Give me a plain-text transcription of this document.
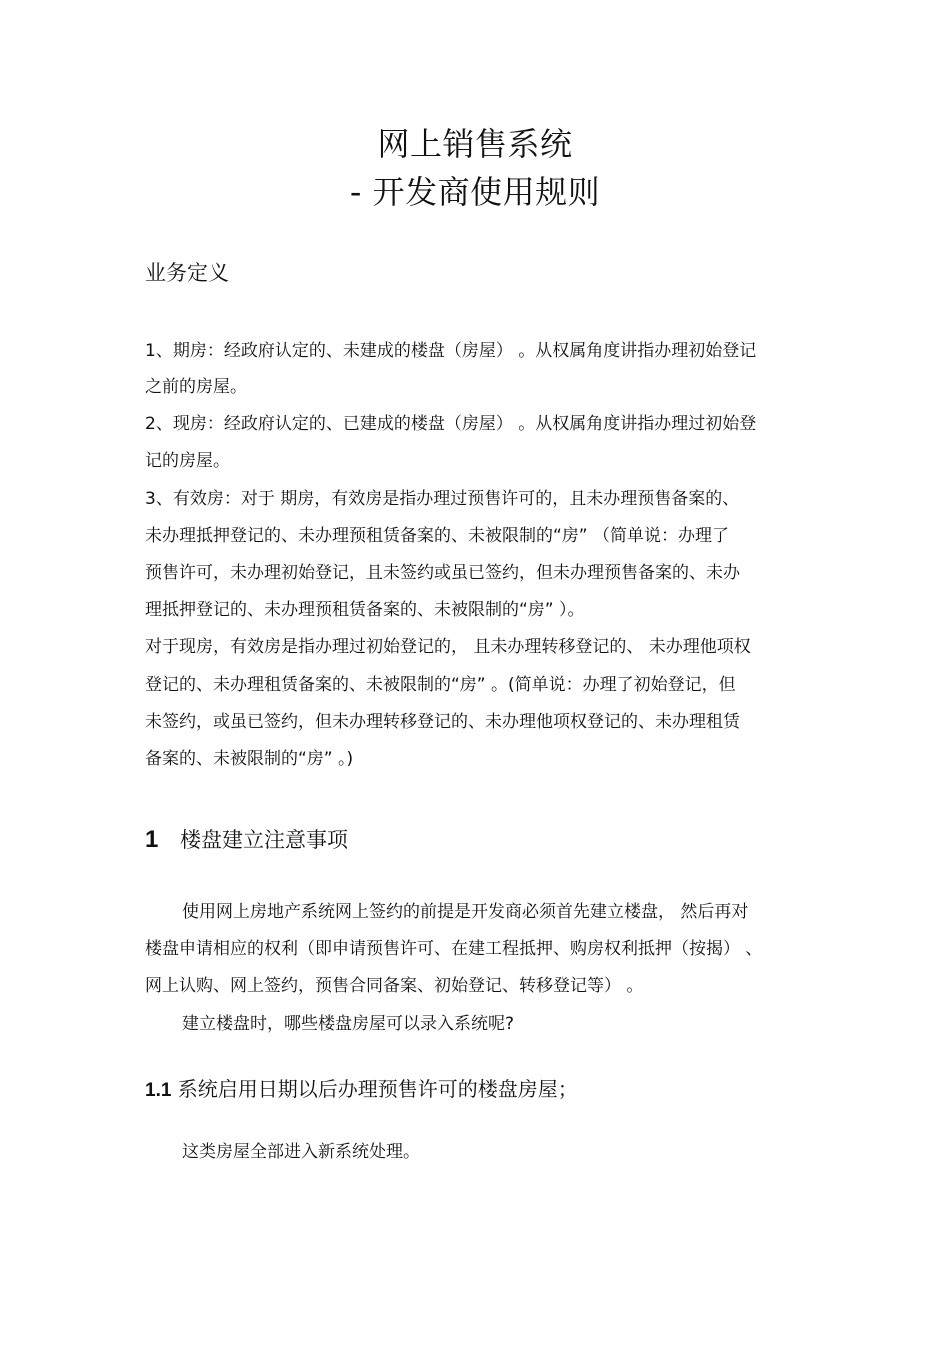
网上销售系统
- 开发商使用规则
业务定义
1、期房：经政府认定的、未建成的楼盘（房屋） 。从权属角度讲指办理初始登记
之前的房屋。
2、现房：经政府认定的、已建成的楼盘（房屋） 。从权属角度讲指办理过初始登
记的房屋。
3、有效房：对于 期房，有效房是指办理过预售许可的，且未办理预售备案的、
未办理抵押登记的、未办理预租赁备案的、未被限制的“房” （简单说：办理了
预售许可，未办理初始登记，且未签约或虽已签约，但未办理预售备案的、未办
理抵押登记的、未办理预租赁备案的、未被限制的“房” ）。
对于现房，有效房是指办理过初始登记的， 且未办理转移登记的、 未办理他项权
登记的、未办理租赁备案的、未被限制的“房” 。(简单说：办理了初始登记，但
未签约，或虽已签约，但未办理转移登记的、未办理他项权登记的、未办理租赁
备案的、未被限制的“房” 。)
1 楼盘建立注意事项
使用网上房地产系统网上签约的前提是开发商必须首先建立楼盘， 然后再对
楼盘申请相应的权利（即申请预售许可、在建工程抵押、购房权利抵押（按揭） 、
网上认购、网上签约，预售合同备案、初始登记、转移登记等） 。
建立楼盘时，哪些楼盘房屋可以录入系统呢?
1.1 系统启用日期以后办理预售许可的楼盘房屋；
这类房屋全部进入新系统处理。
